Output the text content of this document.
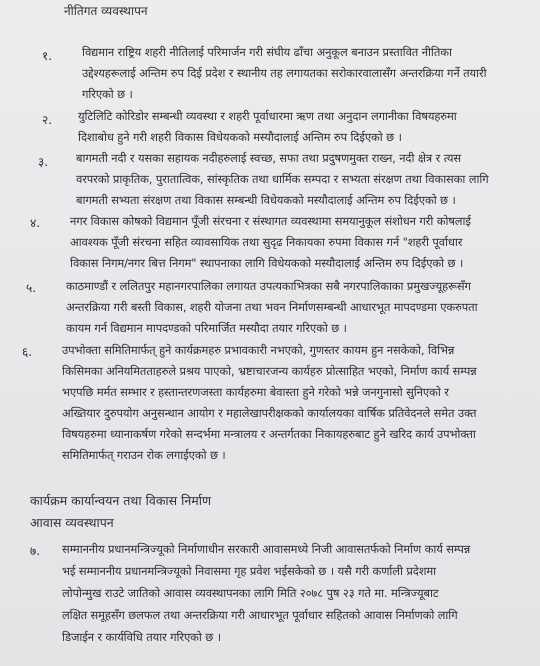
नीतिगत व्यवस्थापन
१.	विद्यमान राष्ट्रिय शहरी नीतिलाई परिमार्जन गरी संघीय ढाँचा अनुकूल बनाउन प्रस्तावित नीतिका
उद्देश्यहरूलाई अन्तिम रुप दिई प्रदेश र स्थानीय तह लगायतका सरोकारवालासँग अन्तरक्रिया गर्ने तयारी
गरिएको छ ।
२. युटिलिटि कोरिडोर सम्बन्धी व्यवस्था र शहरी पूर्वाधारमा ऋण तथा अनुदान लगानीका विषयहरुमा
दिशाबोध हुने गरी शहरी विकास विधेयकको मस्यौदालाई अन्तिम रुप दिईएको छ ।
३. बागमती नदी र यसका सहायक नदीहरुलाई स्वच्छ, सफा तथा प्रदुषणमुक्त राख्न, नदी क्षेत्र र त्यस
वरपरको प्राकृतिक, पुरातात्विक, सांस्कृतिक तथा धार्मिक सम्पदा र सभ्यता संरक्षण तथा विकासका लागि
बागमती सभ्यता संरक्षण तथा विकास सम्बन्धी विधेयकको मस्यौदालाई अन्तिम रुप दिईएको छ ।
४.	नगर विकास कोषको विद्यमान पूँजी संरचना र संस्थागत व्यवस्थामा समयानुकूल संशोधन गरी कोषलाई
आवश्यक पूँजी संरचना सहित व्यावसायिक तथा सुदृढ निकायका रुपमा विकास गर्न "शहरी पूर्वाधार
विकास निगम/नगर बित्त निगम" स्थापनाका लागि विधेयकको मस्यौदालाई अन्तिम रुप दिईएको छ ।
५.	काठमाण्डौं र ललितपुर महानगरपालिका लगायत उपत्यकाभित्रका सबै नगरपालिकाका प्रमुखज्यूहरूसँग
अन्तरक्रिया गरी बस्ती विकास, शहरी योजना तथा भवन निर्माणसम्बन्धी आधारभूत मापदण्डमा एकरुपता
कायम गर्न विद्यमान मापदण्डको परिमार्जित मस्यौदा तयार गरिएको छ ।
६.	उपभोक्ता समितिमार्फत् हुने कार्यक्रमहरु प्रभावकारी नभएको, गुणस्तर कायम हुन नसकेको, विभिन्न
किसिमका अनियमितताहरुले प्रश्रय पाएको, भ्रष्टाचारजन्य कार्यहरु प्रोत्साहित भएको, निर्माण कार्य सम्पन्न
भएपछि मर्मत सम्भार र हस्तान्तरणजस्ता कार्यहरुमा बेवास्ता हुने गरेको भन्ने जनगुनासो सुनिएको र
अख्तियार दुरुपयोग अनुसन्धान आयोग र महालेखापरीक्षकको कार्यालयका वार्षिक प्रतिवेदनले समेत उक्त
विषयहरुमा ध्यानाकर्षण गरेको सन्दर्भमा मन्त्रालय र अन्तर्गतका निकायहरुबाट हुने खरिद कार्य उपभोक्ता
समितिमार्फत् गराउन रोक लगाईएको छ ।
कार्यक्रम कार्यान्वयन तथा विकास निर्माण
आवास व्यवस्थापन
७. सम्माननीय प्रधानमन्त्रिज्यूको निर्माणाधीन सरकारी आवासमध्ये निजी आवासतर्फको निर्माण कार्य सम्पन्न
भई सम्माननीय प्रधानमन्त्रिज्यूको निवासमा गृह प्रवेश भईसकेको छ । यसै गरी कर्णाली प्रदेशमा
लोपोन्मुख राउटे जातिको आवास व्यवस्थापनका लागि मिति २०७८ पुष २३ गते मा. मन्त्रिज्यूबाट
लक्षित समूहसँग छलफल तथा अन्तरक्रिया गरी आधारभूत पूर्वाधार सहितको आवास निर्माणको लागि
डिजाईन र कार्यविधि तयार गरिएको छ ।
